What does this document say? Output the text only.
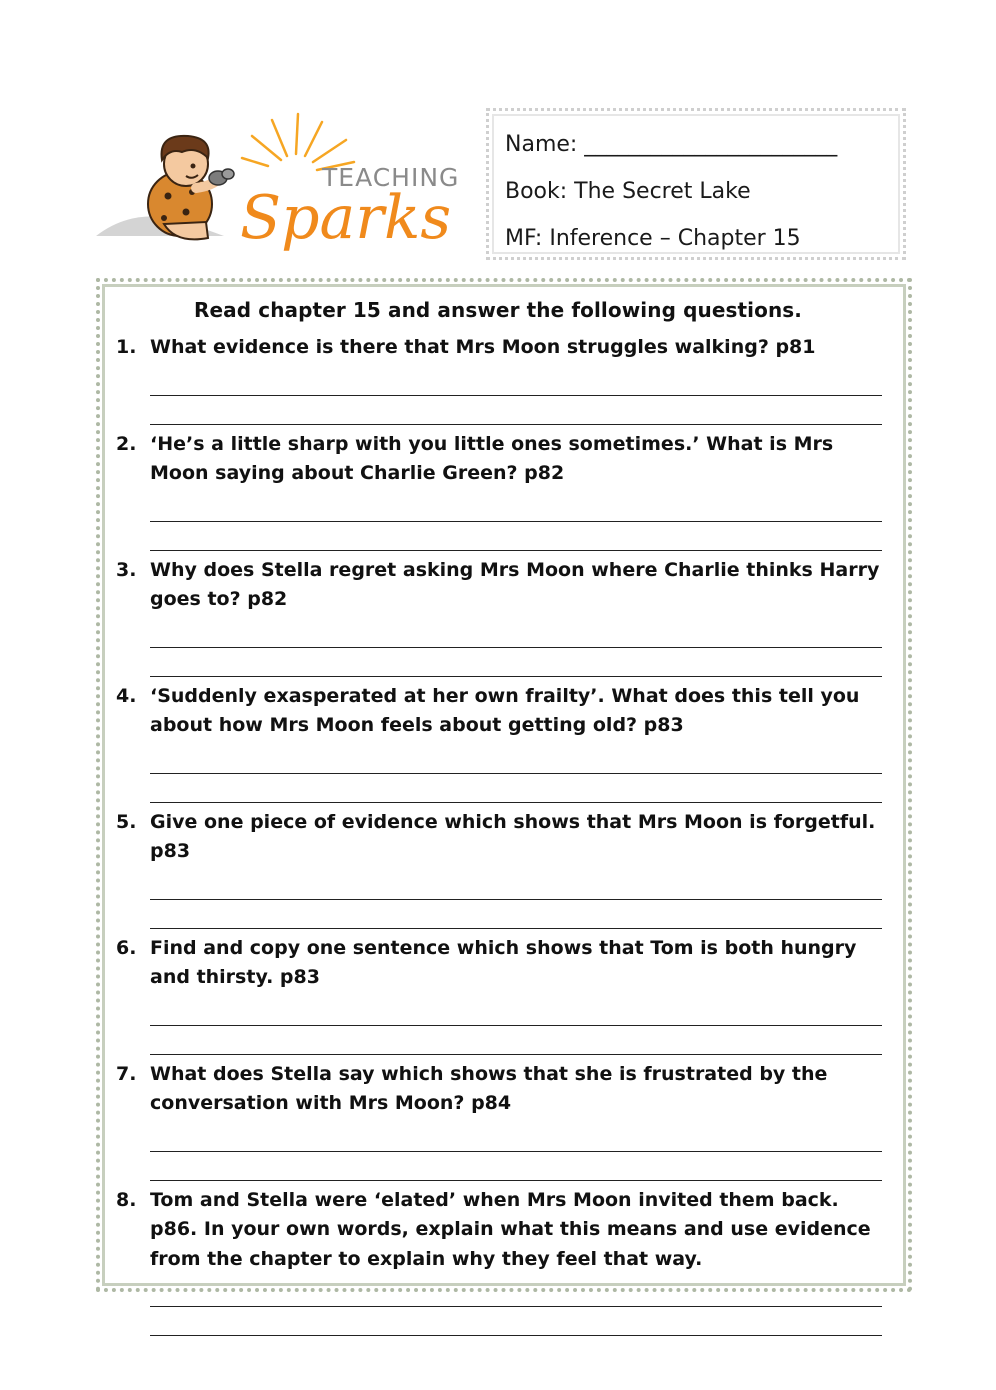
TEACHING
Sparks
Name: _______________________
Book: The Secret Lake
MF: Inference – Chapter 15
Read chapter 15 and answer the following questions.
1. What evidence is there that Mrs Moon struggles walking? p81
2. ‘He’s a little sharp with you little ones sometimes.’ What is Mrs Moon saying about Charlie Green? p82
3. Why does Stella regret asking Mrs Moon where Charlie thinks Harry goes to? p82
4. ‘Suddenly exasperated at her own frailty’. What does this tell you about how Mrs Moon feels about getting old? p83
5. Give one piece of evidence which shows that Mrs Moon is forgetful. p83
6. Find and copy one sentence which shows that Tom is both hungry and thirsty. p83
7. What does Stella say which shows that she is frustrated by the conversation with Mrs Moon? p84
8. Tom and Stella were ‘elated’ when Mrs Moon invited them back. p86. In your own words, explain what this means and use evidence from the chapter to explain why they feel that way.
